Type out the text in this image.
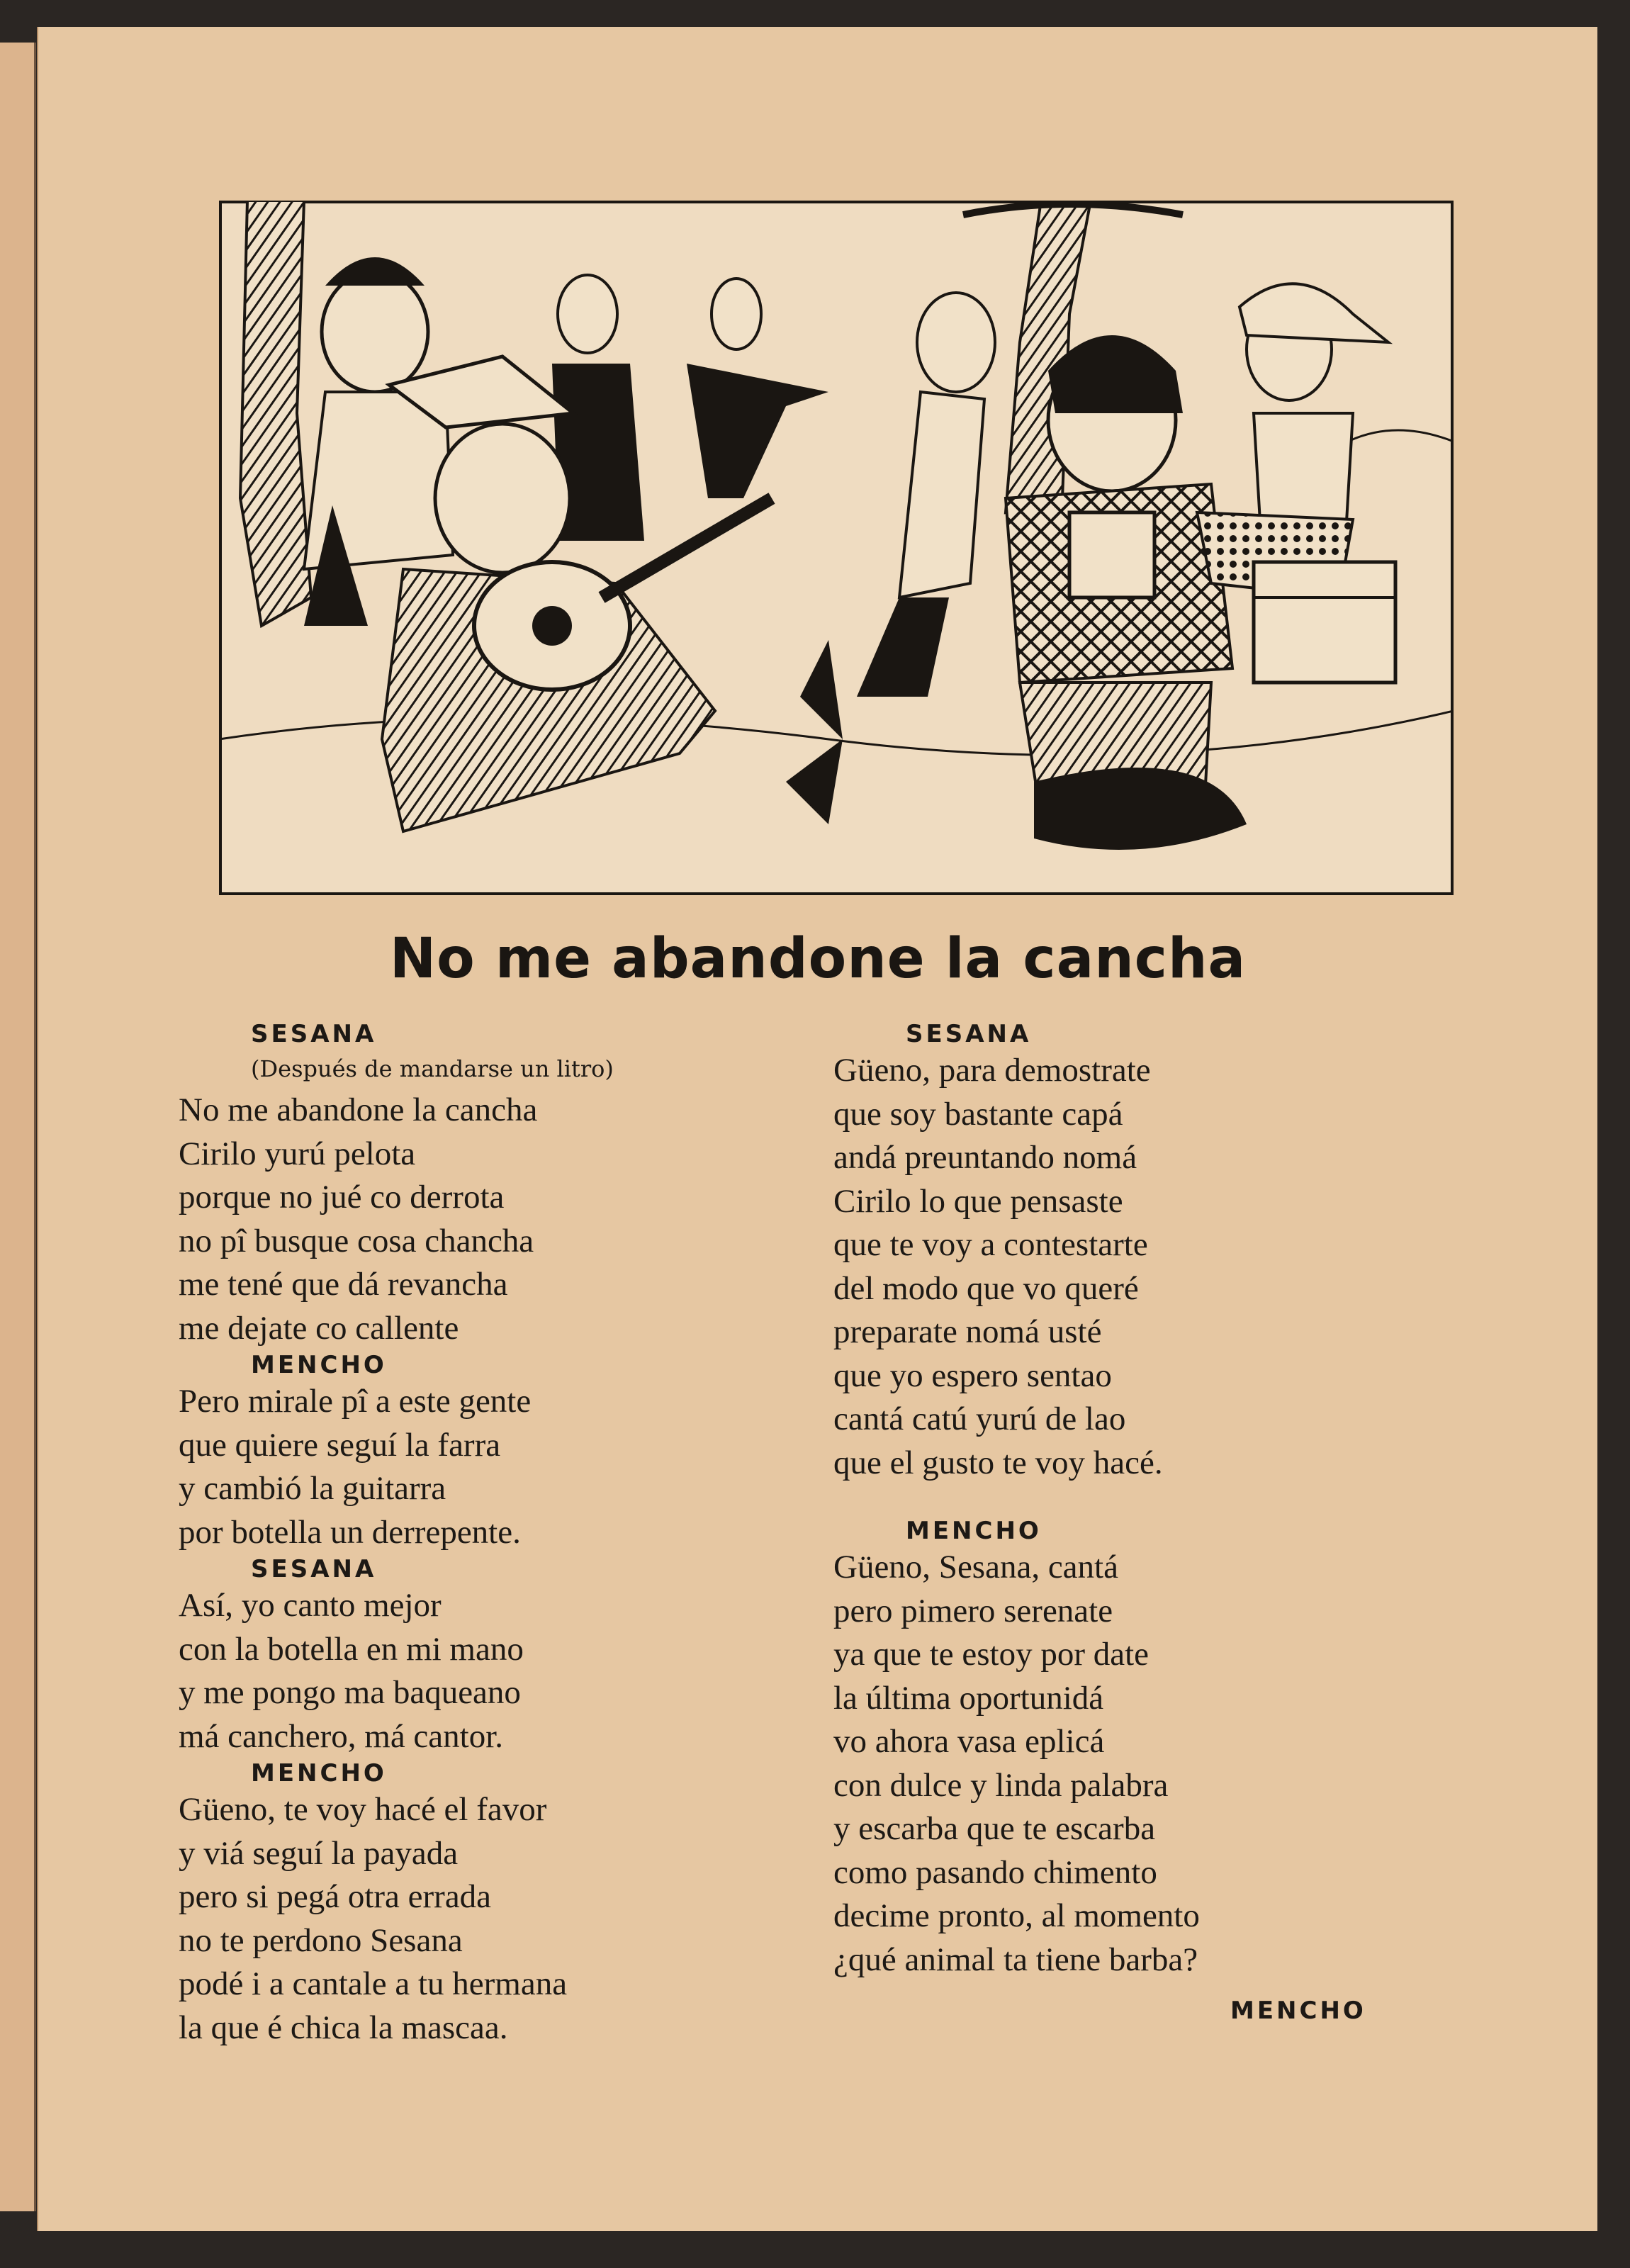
No me abandone la cancha
SESANA
(Después de mandarse un litro)
No me abandone la cancha
Cirilo yurú pelota
porque no jué co derrota
no pî busque cosa chancha
me tené que dá revancha
me dejate co callente
MENCHO
Pero mirale pî a este gente
que quiere seguí la farra
y cambió la guitarra
por botella un derrepente.
SESANA
Así, yo canto mejor
con la botella en mi mano
y me pongo ma baqueano
má canchero, má cantor.
MENCHO
Güeno, te voy hacé el favor
y viá seguí la payada
pero si pegá otra errada
no te perdono Sesana
podé i a cantale a tu hermana
la que é chica la mascaa.
SESANA
Güeno, para demostrate
que soy bastante capá
andá preuntando nomá
Cirilo lo que pensaste
que te voy a contestarte
del modo que vo queré
preparate nomá usté
que yo espero sentao
cantá catú yurú de lao
que el gusto te voy hacé.
MENCHO
Güeno, Sesana, cantá
pero pimero serenate
ya que te estoy por date
la última oportunidá
vo ahora vasa eplicá
con dulce y linda palabra
y escarba que te escarba
como pasando chimento
decime pronto, al momento
¿qué animal ta tiene barba?
MENCHO
